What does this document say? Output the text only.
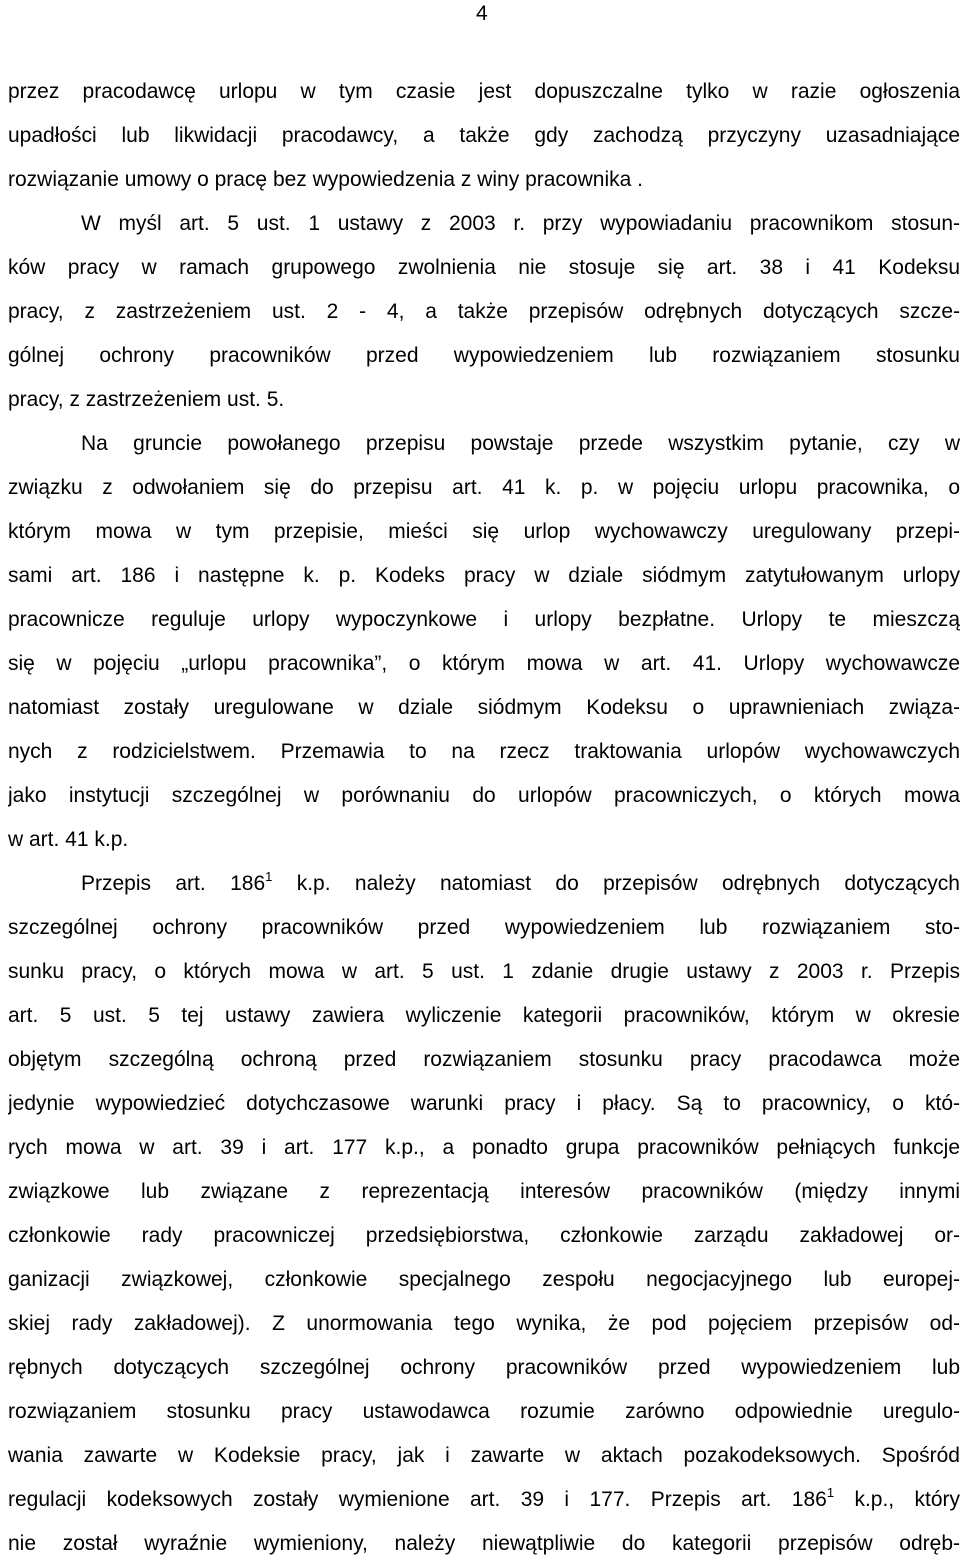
4
przez pracodawcę urlopu w tym czasie jest dopuszczalne tylko w razie ogłoszenia
upadłości lub likwidacji pracodawcy, a także gdy zachodzą przyczyny uzasadniające
rozwiązanie umowy o pracę bez wypowiedzenia z winy pracownika .
W myśl art. 5 ust. 1 ustawy z 2003 r. przy wypowiadaniu pracownikom stosun-
ków pracy w ramach grupowego zwolnienia nie stosuje się art. 38 i 41 Kodeksu
pracy, z zastrzeżeniem ust. 2 - 4, a także przepisów odrębnych dotyczących szcze-
gólnej ochrony pracowników przed wypowiedzeniem lub rozwiązaniem stosunku
pracy, z zastrzeżeniem ust. 5.
Na gruncie powołanego przepisu powstaje przede wszystkim pytanie, czy w
związku z odwołaniem się do przepisu art. 41 k. p. w pojęciu urlopu pracownika, o
którym mowa w tym przepisie, mieści się urlop wychowawczy uregulowany przepi-
sami art. 186 i następne k. p. Kodeks pracy w dziale siódmym zatytułowanym urlopy
pracownicze reguluje urlopy wypoczynkowe i urlopy bezpłatne. Urlopy te mieszczą
się w pojęciu „urlopu pracownika”, o którym mowa w art. 41. Urlopy wychowawcze
natomiast zostały uregulowane w dziale siódmym Kodeksu o uprawnieniach związa-
nych z rodzicielstwem. Przemawia to na rzecz traktowania urlopów wychowawczych
jako instytucji szczególnej w porównaniu do urlopów pracowniczych, o których mowa
w art. 41 k.p.
Przepis art. $186^1$ k.p. należy natomiast do przepisów odrębnych dotyczących
szczególnej ochrony pracowników przed wypowiedzeniem lub rozwiązaniem sto-
sunku pracy, o których mowa w art. 5 ust. 1 zdanie drugie ustawy z 2003 r. Przepis
art. 5 ust. 5 tej ustawy zawiera wyliczenie kategorii pracowników, którym w okresie
objętym szczególną ochroną przed rozwiązaniem stosunku pracy pracodawca może
jedynie wypowiedzieć dotychczasowe warunki pracy i płacy. Są to pracownicy, o któ-
rych mowa w art. 39 i art. 177 k.p., a ponadto grupa pracowników pełniących funkcje
związkowe lub związane z reprezentacją interesów pracowników (między innymi
członkowie rady pracowniczej przedsiębiorstwa, członkowie zarządu zakładowej or-
ganizacji związkowej, członkowie specjalnego zespołu negocjacyjnego lub europej-
skiej rady zakładowej). Z unormowania tego wynika, że pod pojęciem przepisów od-
rębnych dotyczących szczególnej ochrony pracowników przed wypowiedzeniem lub
rozwiązaniem stosunku pracy ustawodawca rozumie zarówno odpowiednie uregulo-
wania zawarte w Kodeksie pracy, jak i zawarte w aktach pozakodeksowych. Spośród
regulacji kodeksowych zostały wymienione art. 39 i 177. Przepis art. $186^1$ k.p., który
nie został wyraźnie wymieniony, należy niewątpliwie do kategorii przepisów odręb-
